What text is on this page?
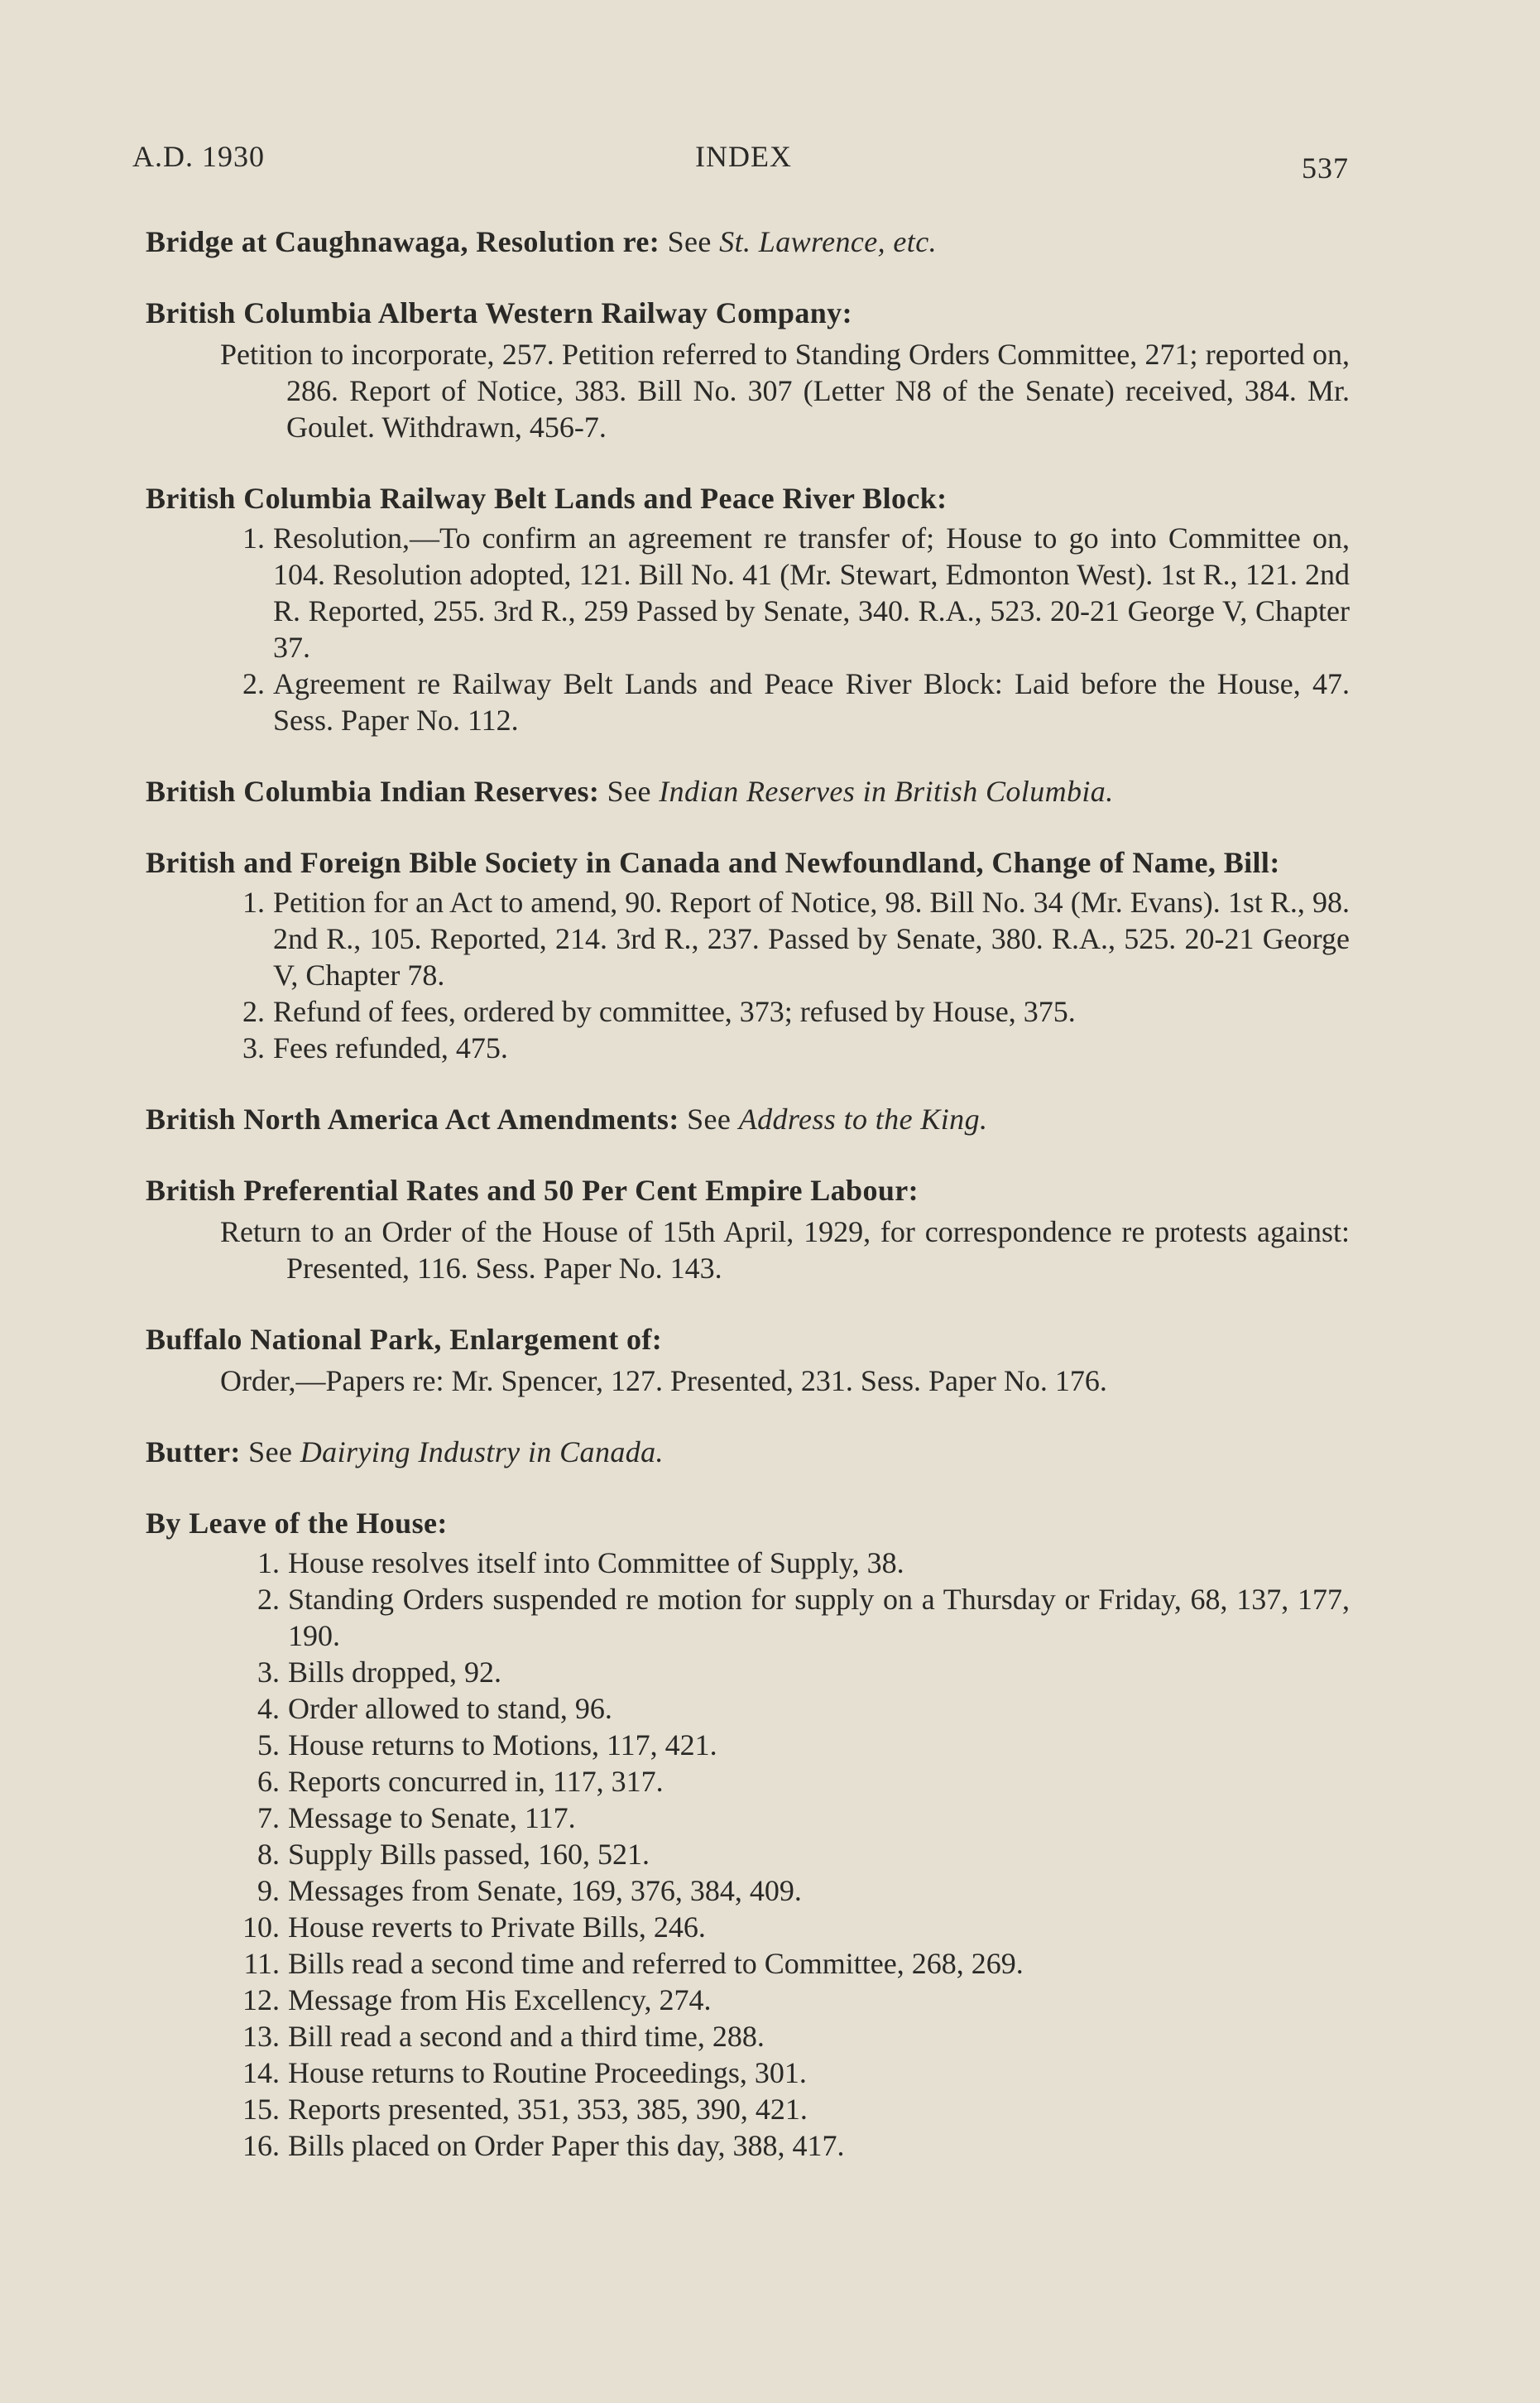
A.D. 1930	INDEX	537
Bridge at Caughnawaga, Resolution re: See St. Lawrence, etc.
British Columbia Alberta Western Railway Company:
Petition to incorporate, 257. Petition referred to Standing Orders Committee, 271; reported on, 286. Report of Notice, 383. Bill No. 307 (Letter N8 of the Senate) received, 384. Mr. Goulet. Withdrawn, 456-7.
British Columbia Railway Belt Lands and Peace River Block:
1. Resolution,—To confirm an agreement re transfer of; House to go into Committee on, 104. Resolution adopted, 121. Bill No. 41 (Mr. Stewart, Edmonton West). 1st R., 121. 2nd R. Reported, 255. 3rd R., 259 Passed by Senate, 340. R.A., 523. 20-21 George V, Chapter 37.
2. Agreement re Railway Belt Lands and Peace River Block: Laid before the House, 47. Sess. Paper No. 112.
British Columbia Indian Reserves: See Indian Reserves in British Columbia.
British and Foreign Bible Society in Canada and Newfoundland, Change of Name, Bill:
1. Petition for an Act to amend, 90. Report of Notice, 98. Bill No. 34 (Mr. Evans). 1st R., 98. 2nd R., 105. Reported, 214. 3rd R., 237. Passed by Senate, 380. R.A., 525. 20-21 George V, Chapter 78.
2. Refund of fees, ordered by committee, 373; refused by House, 375.
3. Fees refunded, 475.
British North America Act Amendments: See Address to the King.
British Preferential Rates and 50 Per Cent Empire Labour:
Return to an Order of the House of 15th April, 1929, for correspondence re protests against: Presented, 116. Sess. Paper No. 143.
Buffalo National Park, Enlargement of:
Order,—Papers re: Mr. Spencer, 127. Presented, 231. Sess. Paper No. 176.
Butter: See Dairying Industry in Canada.
By Leave of the House:
1. House resolves itself into Committee of Supply, 38.
2. Standing Orders suspended re motion for supply on a Thursday or Friday, 68, 137, 177, 190.
3. Bills dropped, 92.
4. Order allowed to stand, 96.
5. House returns to Motions, 117, 421.
6. Reports concurred in, 117, 317.
7. Message to Senate, 117.
8. Supply Bills passed, 160, 521.
9. Messages from Senate, 169, 376, 384, 409.
10. House reverts to Private Bills, 246.
11. Bills read a second time and referred to Committee, 268, 269.
12. Message from His Excellency, 274.
13. Bill read a second and a third time, 288.
14. House returns to Routine Proceedings, 301.
15. Reports presented, 351, 353, 385, 390, 421.
16. Bills placed on Order Paper this day, 388, 417.
